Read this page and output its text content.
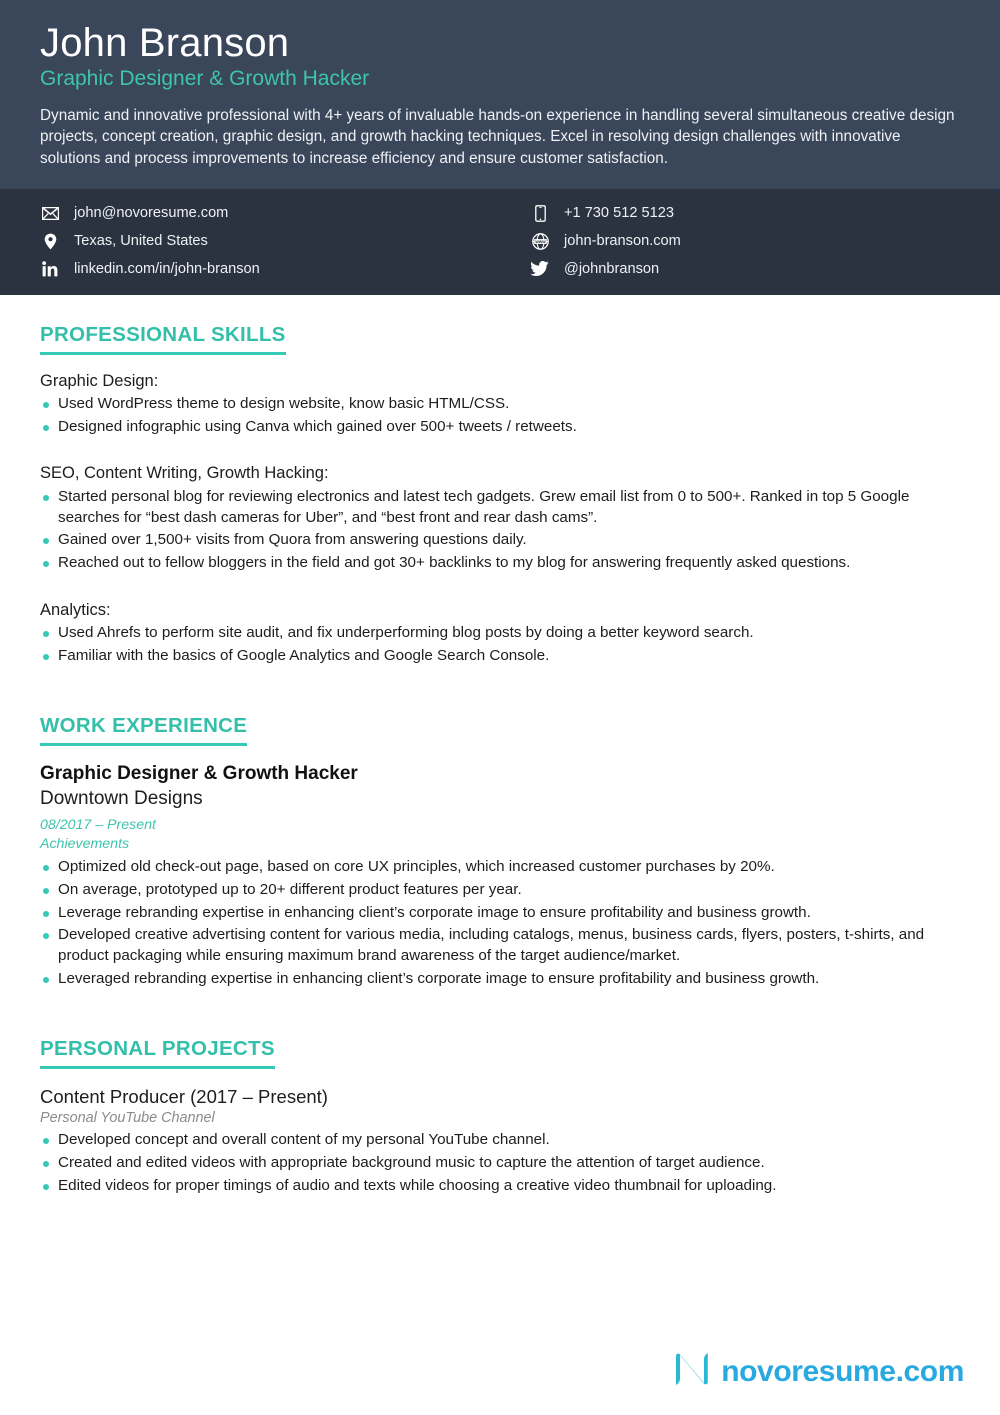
John Branson
Graphic Designer & Growth Hacker

Dynamic and innovative professional with 4+ years of invaluable hands-on experience in handling several simultaneous creative design projects, concept creation, graphic design, and growth hacking techniques. Excel in resolving design challenges with innovative solutions and process improvements to increase efficiency and ensure customer satisfaction.

john@novoresume.com	+1 730 512 5123
Texas, United States	www john-branson.com
linkedin.com/in/john-branson	@johnbranson
PROFESSIONAL SKILLS
Graphic Design:
Used WordPress theme to design website, know basic HTML/CSS.
Designed infographic using Canva which gained over 500+ tweets / retweets.
SEO, Content Writing, Growth Hacking:
Started personal blog for reviewing electronics and latest tech gadgets. Grew email list from 0 to 500+. Ranked in top 5 Google searches for “best dash cameras for Uber”, and “best front and rear dash cams”.
Gained over 1,500+ visits from Quora from answering questions daily.
Reached out to fellow bloggers in the field and got 30+ backlinks to my blog for answering frequently asked questions.
Analytics:
Used Ahrefs to perform site audit, and fix underperforming blog posts by doing a better keyword search.
Familiar with the basics of Google Analytics and Google Search Console.
WORK EXPERIENCE
Graphic Designer & Growth Hacker
Downtown Designs
08/2017 – Present
Achievements
Optimized old check-out page, based on core UX principles, which increased customer purchases by 20%.
On average, prototyped up to 20+ different product features per year.
Leverage rebranding expertise in enhancing client’s corporate image to ensure profitability and business growth.
Developed creative advertising content for various media, including catalogs, menus, business cards, flyers, posters, t-shirts, and product packaging while ensuring maximum brand awareness of the target audience/market.
Leveraged rebranding expertise in enhancing client’s corporate image to ensure profitability and business growth.
PERSONAL PROJECTS
Content Producer (2017 – Present)
Personal YouTube Channel
Developed concept and overall content of my personal YouTube channel.
Created and edited videos with appropriate background music to capture the attention of target audience.
Edited videos for proper timings of audio and texts while choosing a creative video thumbnail for uploading.
novoresume.com
